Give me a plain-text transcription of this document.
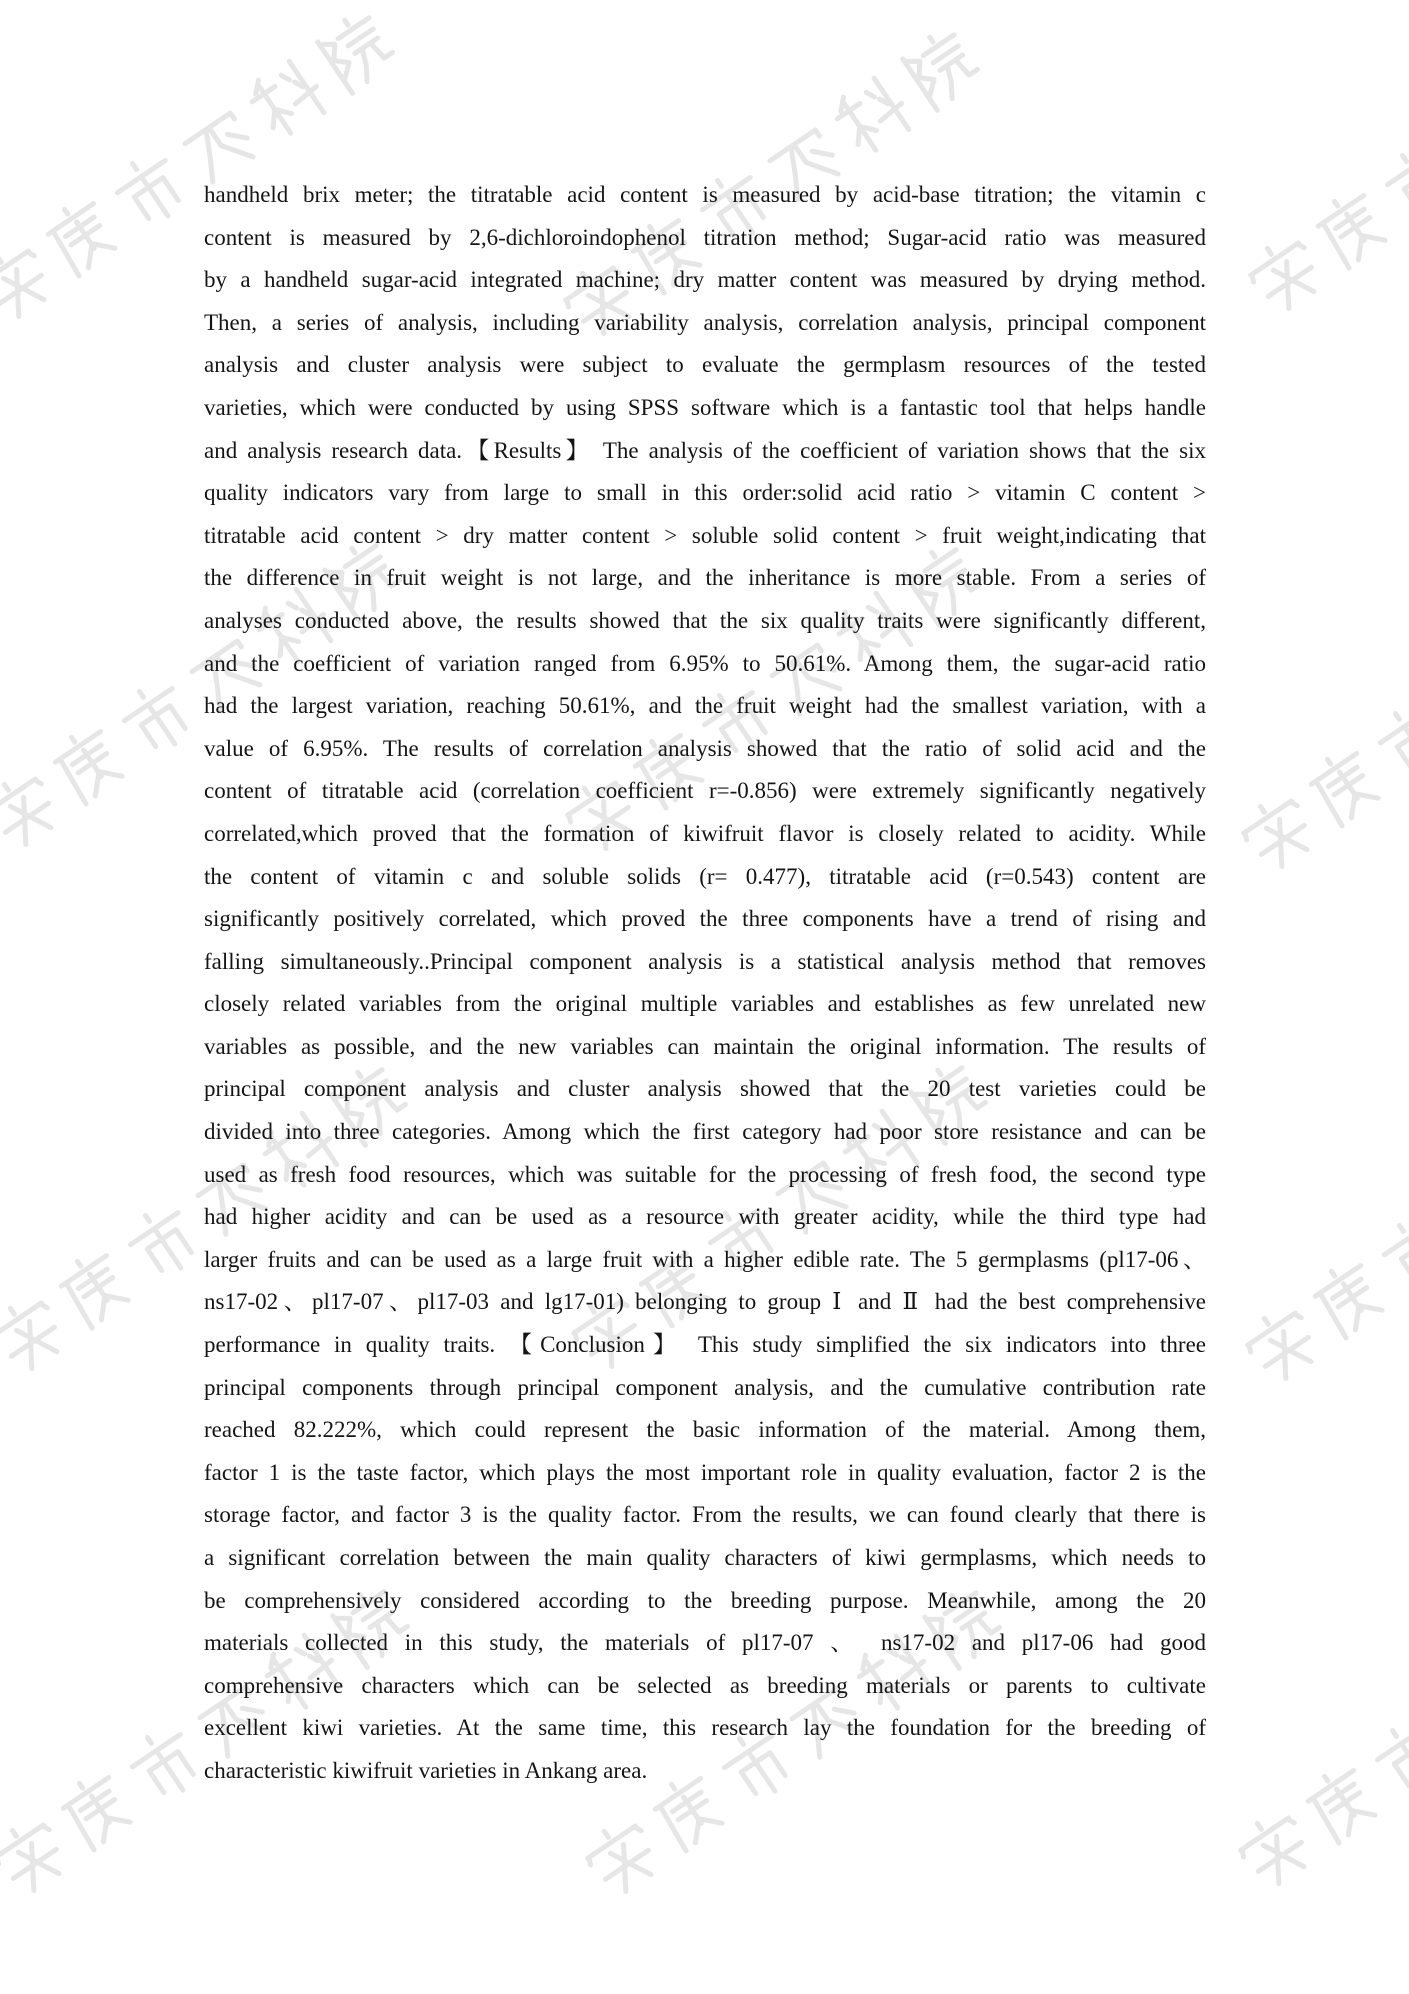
handheld brix meter; the titratable acid content is measured by acid-base titration; the vitamin c
content is measured by 2,6-dichloroindophenol titration method; Sugar-acid ratio was measured
by a handheld sugar-acid integrated machine; dry matter content was measured by drying method.
Then, a series of analysis, including variability analysis, correlation analysis, principal component
analysis and cluster analysis were subject to evaluate the germplasm resources of the tested
varieties, which were conducted by using SPSS software which is a fantastic tool that helps handle
and analysis research data.【Results】 The analysis of the coefficient of variation shows that the six
quality indicators vary from large to small in this order:solid acid ratio > vitamin C content >
titratable acid content > dry matter content > soluble solid content > fruit weight,indicating that
the difference in fruit weight is not large, and the inheritance is more stable. From a series of
analyses conducted above, the results showed that the six quality traits were significantly different,
and the coefficient of variation ranged from 6.95% to 50.61%. Among them, the sugar-acid ratio
had the largest variation, reaching 50.61%, and the fruit weight had the smallest variation, with a
value of 6.95%. The results of correlation analysis showed that the ratio of solid acid and the
content of titratable acid (correlation coefficient r=-0.856) were extremely significantly negatively
correlated,which proved that the formation of kiwifruit flavor is closely related to acidity. While
the content of vitamin c and soluble solids (r= 0.477), titratable acid (r=0.543) content are
significantly positively correlated, which proved the three components have a trend of rising and
falling simultaneously..Principal component analysis is a statistical analysis method that removes
closely related variables from the original multiple variables and establishes as few unrelated new
variables as possible, and the new variables can maintain the original information. The results of
principal component analysis and cluster analysis showed that the 20 test varieties could be
divided into three categories. Among which the first category had poor store resistance and can be
used as fresh food resources, which was suitable for the processing of fresh food, the second type
had higher acidity and can be used as a resource with greater acidity, while the third type had
larger fruits and can be used as a large fruit with a higher edible rate. The 5 germplasms (pl17-06、
ns17-02、pl17-07、pl17-03 and lg17-01) belonging to group Ⅰ and Ⅱ had the best comprehensive
performance in quality traits. 【Conclusion】 This study simplified the six indicators into three
principal components through principal component analysis, and the cumulative contribution rate
reached 82.222%, which could represent the basic information of the material. Among them,
factor 1 is the taste factor, which plays the most important role in quality evaluation, factor 2 is the
storage factor, and factor 3 is the quality factor. From the results, we can found clearly that there is
a significant correlation between the main quality characters of kiwi germplasms, which needs to
be comprehensively considered according to the breeding purpose. Meanwhile, among the 20
materials collected in this study, the materials of pl17-07 、 ns17-02 and pl17-06 had good
comprehensive characters which can be selected as breeding materials or parents to cultivate
excellent kiwi varieties. At the same time, this research lay the foundation for the breeding of
characteristic kiwifruit varieties in Ankang area.
